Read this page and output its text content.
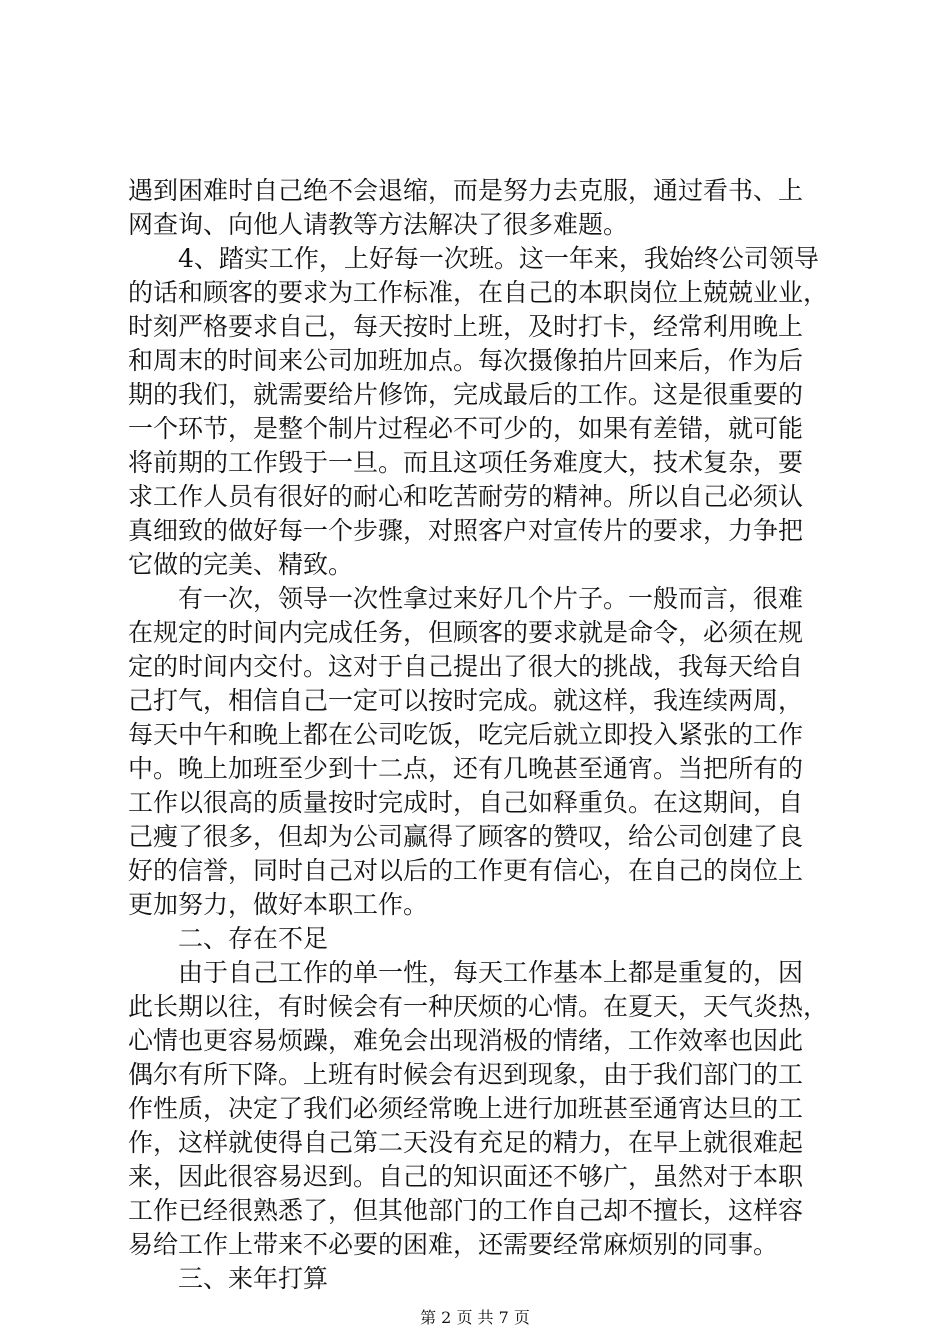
遇到困难时自己绝不会退缩，而是努力去克服，通过看书、上

网查询、向他人请教等方法解决了很多难题。

4、踏实工作，上好每一次班。这一年来，我始终公司领导

的话和顾客的要求为工作标准，在自己的本职岗位上兢兢业业，

时刻严格要求自己，每天按时上班，及时打卡，经常利用晚上

和周末的时间来公司加班加点。每次摄像拍片回来后，作为后

期的我们，就需要给片修饰，完成最后的工作。这是很重要的

一个环节，是整个制片过程必不可少的，如果有差错，就可能

将前期的工作毁于一旦。而且这项任务难度大，技术复杂，要

求工作人员有很好的耐心和吃苦耐劳的精神。所以自己必须认

真细致的做好每一个步骤，对照客户对宣传片的要求，力争把

它做的完美、精致。

有一次，领导一次性拿过来好几个片子。一般而言，很难

在规定的时间内完成任务，但顾客的要求就是命令，必须在规

定的时间内交付。这对于自己提出了很大的挑战，我每天给自

己打气，相信自己一定可以按时完成。就这样，我连续两周，

每天中午和晚上都在公司吃饭，吃完后就立即投入紧张的工作

中。晚上加班至少到十二点，还有几晚甚至通宵。当把所有的

工作以很高的质量按时完成时，自己如释重负。在这期间，自

己瘦了很多，但却为公司赢得了顾客的赞叹，给公司创建了良

好的信誉，同时自己对以后的工作更有信心，在自己的岗位上

更加努力，做好本职工作。

二、存在不足

由于自己工作的单一性，每天工作基本上都是重复的，因

此长期以往，有时候会有一种厌烦的心情。在夏天，天气炎热，

心情也更容易烦躁，难免会出现消极的情绪，工作效率也因此

偶尔有所下降。上班有时候会有迟到现象，由于我们部门的工

作性质，决定了我们必须经常晚上进行加班甚至通宵达旦的工

作，这样就使得自己第二天没有充足的精力，在早上就很难起

来，因此很容易迟到。自己的知识面还不够广，虽然对于本职

工作已经很熟悉了，但其他部门的工作自己却不擅长，这样容

易给工作上带来不必要的困难，还需要经常麻烦别的同事。

三、来年打算

第 2 页 共 7 页
